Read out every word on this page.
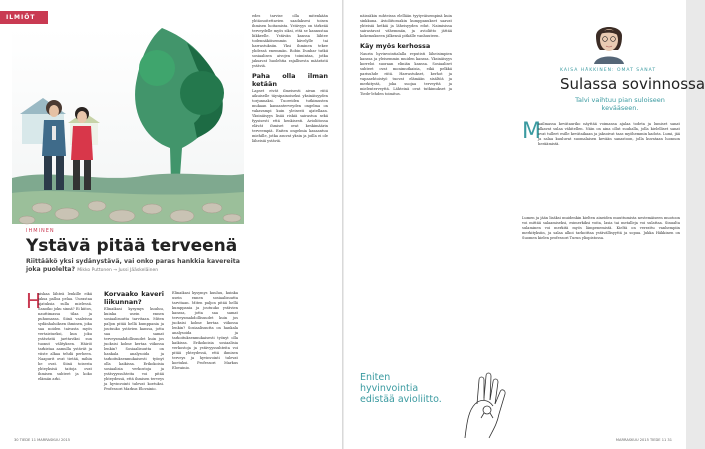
ILMIÖT
IHMINEN
Ystävä pitää terveenä
Riittääkö yksi sydänystävä, vai onko paras hankkia kavereita joka puolelta? Mikko Puttonen → Jussi Jääskeläinen
H
aiskaa lähteä lenkille eikä jaksa palloa pelaa. Uurastaa ajatuksia sulla mielessä. Sanoiko joku sinnä? Ei kiitos, nauttimassa tilaa ja puhumassa. Siinä vaaleissa sydänhaluiksen ihminen, joka saa noiden taivasta myös vertaistueksi, kun joku ystävästä jaettaviksi sun tuonut välityksen. Häiriö tarkistaa aamulla ystävät ja viiste alkaa tehdä perheen. Naapurit ovat tietää, mihin he ovat. Siinä toisesta yhteyksisä taitoja ovat ihmisen suhteet ja koko elämän arki.
Korvaako kaveri liikunnan?

Elinaikasi kysymys kuuluu, kuinka usein ennen sosiaalisuutta tarvitaan. Miten paljon pitää hellä kumppania ja joutuuko ystävien kanssa, jotta saa samat terveysmahdollisuudet kuin jos juoksisi kolme kertaa viikossa lenkin? Sosiaalisuutta on hankala analysoida ja tarkoituksenmukaisesti työnyt olla kaikissa. Erikokoisia sosiaalisia verkostoja ja ystävyyssuhteita voi pitää yhteydessä, että ihmisen terveys ja hyvinvointi tulevat koetuksi. Professori Markus Elovainio.

edes tarvise olla mitenkään yhtäosoitettavien saadaksesi toisen ihmisen hoitamista. Ystävyys on tärkeää terveydelle myös siksi, että se kannustaa liikkeelle. Ystävän kanssa lähtee todennäköisemmin kävelylle tai harrastuksiin. Yksi ihminen tekee yhdessä enemmän. Robin Dunbar tutkii sosiaalisen aivojen toimintaa, jotka jaksavat huolehtia rajallisesta määrästä ystäviä.

Paha olla ilman ketään

Lapset eivät ilmeisesti aivan riitä aikuiselle täysipainoiseksi yksinäisyyden torjunnaksi. Tuoreiden tutkimusten mukaan kansanterveyden ongelma on vakavampi kuin yleisesti ajatellaan. Yksinäisyys lisää riskiä sairastua sekä fyysisesti että henkisesti. Avioliitossa elävät ihmiset ovat keskimäärin terveempiä. Eniten ongelmia kasaantuu miehille, jotka asuvat yksin ja joilla ei ole läheisiä ystäviä.

Elinaikasi kysymys kuuluu, kuinka usein ennen sosiaalisuutta tarvitaan. Miten paljon pitää hellä kumppania ja joutuuko ystävien kanssa, jotta saa samat terveysmahdollisuudet kuin jos juoksisi kolme kertaa viikossa lenkin? Sosiaalisuutta on hankala analysoida ja tarkoituksenmukaisesti työnyt olla kaikissa. Erikokoisia sosiaalisia verkostoja ja ystävyyssuhteita voi pitää yhteydessä, että ihmisen terveys ja hyvinvointi tulevat koetuksi. Professori Markus Elovainio.

näissäkin suhteissa elellään tyytyväisempinä kuin sinkkuna. Avioliitossakin kumppanukset saavat yhteisiä hetkiä ja läheisyyden edut. Naimisissa sairastavat vähemmän, ja avioliitto jättää kokemukseen jälkensä pitkälle vanhuuteen.

Käy myös kerhossa

Naurin hyvinvointialalla reputisti läheisimpien kanssa ja yleisemmin muiden kanssa. Yksinäisyys korreloi suoraan eliniän kanssa. Sosiaaliset suhteet ovat monimutkaisia, eikä pelkkä parisuhde riitä. Harrastukset, kerhot ja vapaaehtoistyö tuovat elämään sisältöä ja merkitystä, joka suojaa terveyttä ja mielenterveyttä. Lähteinä ovat tutkimukset ja Tiede-lehden toimitus.

Eniten hyvinvointia edistää avioliitto.
30 TIEDE 11 MARRASKUU 2015
KAISA HÄKKINEN: OMAT SANAT
Sulassa sovinnossa
Talvi vaihtuu pian suloiseen kevääseen.
M
aailmassa kevätauriko näyttää voimansa ajalaa todeta ja lumiset sanat alkavat sulaa vähitellen. Näin on aina ollut suuhalla, jolla kielelliset sanat ovat tulleet esille kevätaikaan ja jaksoivat taas myöhemmin kadota. Lumi, jää ja salaa kuuluvat suomalaisen kevään sanastoon, jolla kuvataan luonnon heräämistä.
Lumen ja jään lisäksi muidenkin kielten aineiden muuttumista nestemäiseen muotoon voi mittää salaamiseksi, esimerkiksi voita, lasia tai metalleja voi sulattaa. Sinualta sulaminen voi merkitä myös lämpenemistä. Kieltä on verrattu vanhempiin merkityksiin, ja salaa alkoi tarkoittaa ystävällisyyttä ja sopua. Jukka Häkkinen on Suomen kielen professori Turun yliopistossa.
MARRASKUU 2015 TIEDE 11 31
